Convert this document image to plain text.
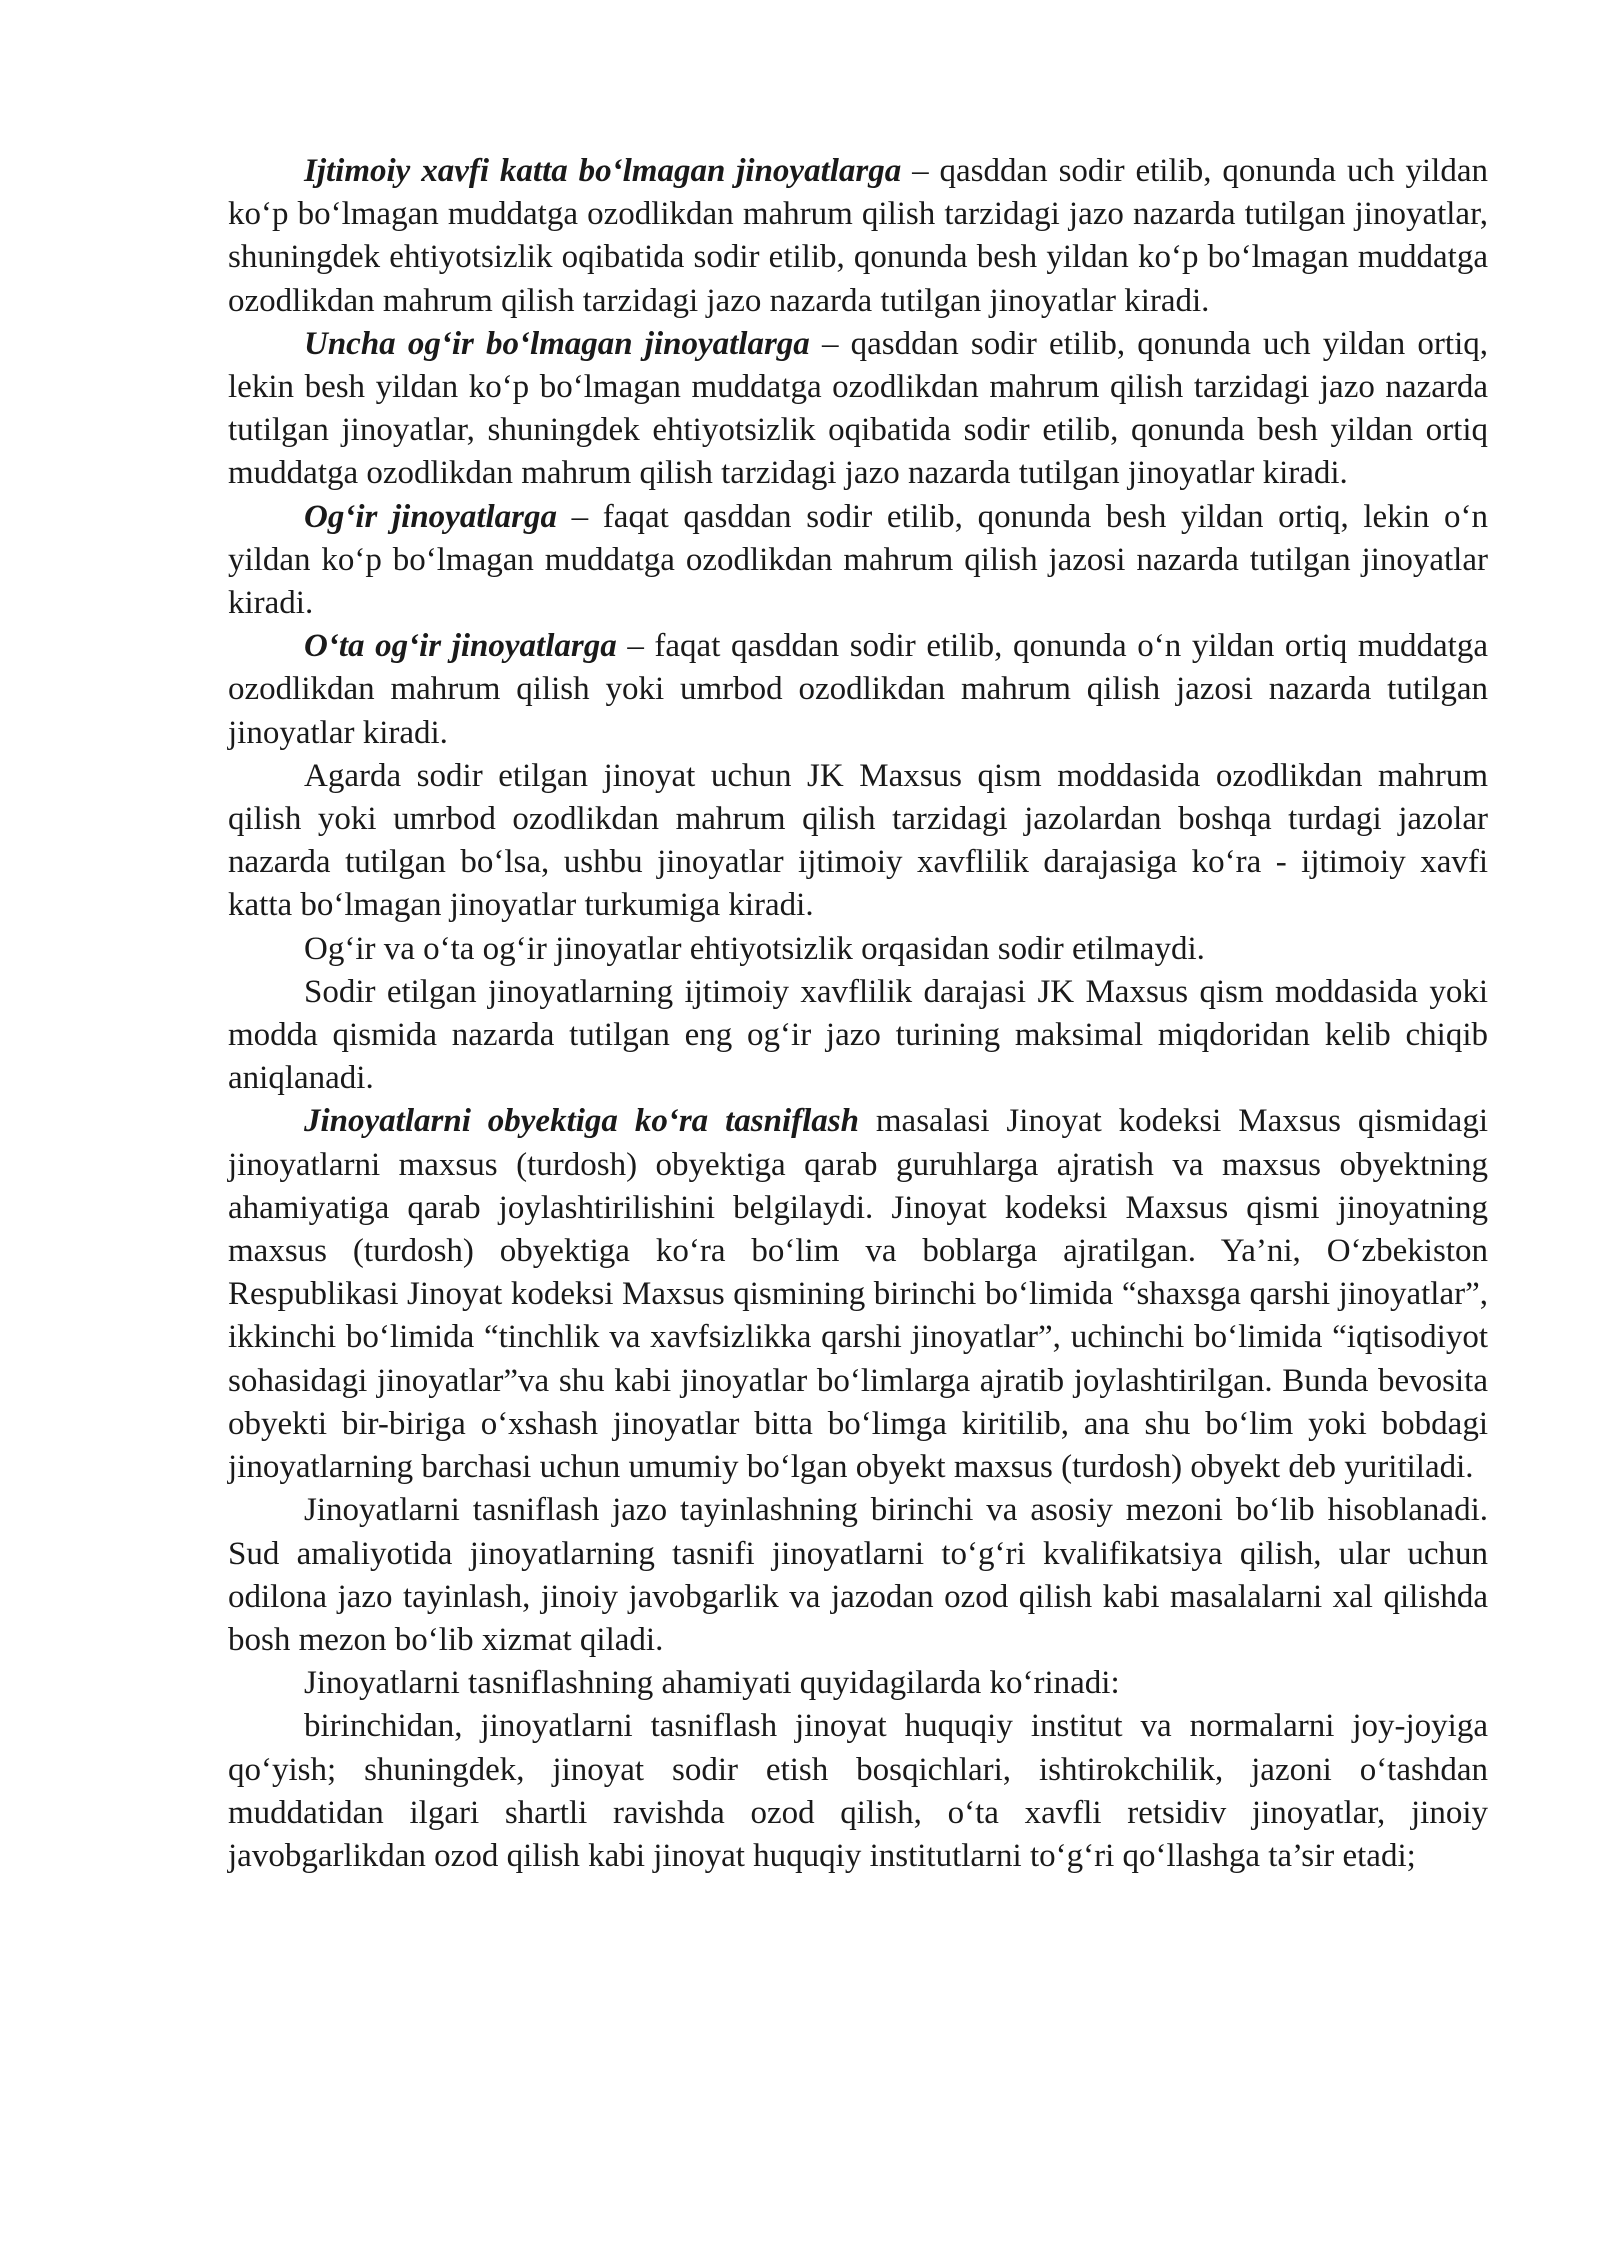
Ijtimoiy xavfi katta boʻlmagan jinoyatlarga – qasddan sodir etilib, qonunda uch yildan koʻp boʻlmagan muddatga ozodlikdan mahrum qilish tarzidagi jazo nazarda tutilgan jinoyatlar, shuningdek ehtiyotsizlik oqibatida sodir etilib, qonunda besh yildan koʻp boʻlmagan muddatga ozodlikdan mahrum qilish tarzidagi jazo nazarda tutilgan jinoyatlar kiradi.

Uncha ogʻir boʻlmagan jinoyatlarga – qasddan sodir etilib, qonunda uch yildan ortiq, lekin besh yildan koʻp boʻlmagan muddatga ozodlikdan mahrum qilish tarzidagi jazo nazarda tutilgan jinoyatlar, shuningdek ehtiyotsizlik oqibatida sodir etilib, qonunda besh yildan ortiq muddatga ozodlikdan mahrum qilish tarzidagi jazo nazarda tutilgan jinoyatlar kiradi.

Ogʻir jinoyatlarga – faqat qasddan sodir etilib, qonunda besh yildan ortiq, lekin oʻn yildan koʻp boʻlmagan muddatga ozodlikdan mahrum qilish jazosi nazarda tutilgan jinoyatlar kiradi.

Oʻta ogʻir jinoyatlarga – faqat qasddan sodir etilib, qonunda oʻn yildan ortiq muddatga ozodlikdan mahrum qilish yoki umrbod ozodlikdan mahrum qilish jazosi nazarda tutilgan jinoyatlar kiradi.

Agarda sodir etilgan jinoyat uchun JK Maxsus qism moddasida ozodlikdan mahrum qilish yoki umrbod ozodlikdan mahrum qilish tarzidagi jazolardan boshqa turdagi jazolar nazarda tutilgan boʻlsa, ushbu jinoyatlar ijtimoiy xavflilik darajasiga koʻra - ijtimoiy xavfi katta boʻlmagan jinoyatlar turkumiga kiradi.

Ogʻir va oʻta ogʻir jinoyatlar ehtiyotsizlik orqasidan sodir etilmaydi.

Sodir etilgan jinoyatlarning ijtimoiy xavflilik darajasi JK Maxsus qism moddasida yoki modda qismida nazarda tutilgan eng ogʻir jazo turining maksimal miqdoridan kelib chiqib aniqlanadi.

Jinoyatlarni obyektiga koʻra tasniflash masalasi Jinoyat kodeksi Maxsus qismidagi jinoyatlarni maxsus (turdosh) obyektiga qarab guruhlarga ajratish va maxsus obyektning ahamiyatiga qarab joylashtirilishini belgilaydi. Jinoyat kodeksi Maxsus qismi jinoyatning maxsus (turdosh) obyektiga koʻra boʻlim va boblarga ajratilgan. Ya’ni, Oʻzbekiston Respublikasi Jinoyat kodeksi Maxsus qismining birinchi boʻlimida “shaxsga qarshi jinoyatlar”, ikkinchi boʻlimida “tinchlik va xavfsizlikka qarshi jinoyatlar”, uchinchi boʻlimida “iqtisodiyot sohasidagi jinoyatlar”va shu kabi jinoyatlar boʻlimlarga ajratib joylashtirilgan. Bunda bevosita obyekti bir-biriga oʻxshash jinoyatlar bitta boʻlimga kiritilib, ana shu boʻlim yoki bobdagi jinoyatlarning barchasi uchun umumiy boʻlgan obyekt maxsus (turdosh) obyekt deb yuritiladi.

Jinoyatlarni tasniflash jazo tayinlashning birinchi va asosiy mezoni boʻlib hisoblanadi. Sud amaliyotida jinoyatlarning tasnifi jinoyatlarni toʻgʻri kvalifikatsiya qilish, ular uchun odilona jazo tayinlash, jinoiy javobgarlik va jazodan ozod qilish kabi masalalarni xal qilishda bosh mezon boʻlib xizmat qiladi.

Jinoyatlarni tasniflashning ahamiyati quyidagilarda koʻrinadi:

birinchidan, jinoyatlarni tasniflash jinoyat huquqiy institut va normalarni joy-joyiga qoʻyish; shuningdek, jinoyat sodir etish bosqichlari, ishtirokchilik, jazoni oʻtashdan muddatidan ilgari shartli ravishda ozod qilish, oʻta xavfli retsidiv jinoyatlar, jinoiy javobgarlikdan ozod qilish kabi jinoyat huquqiy institutlarni toʻgʻri qoʻllashga ta’sir etadi;
